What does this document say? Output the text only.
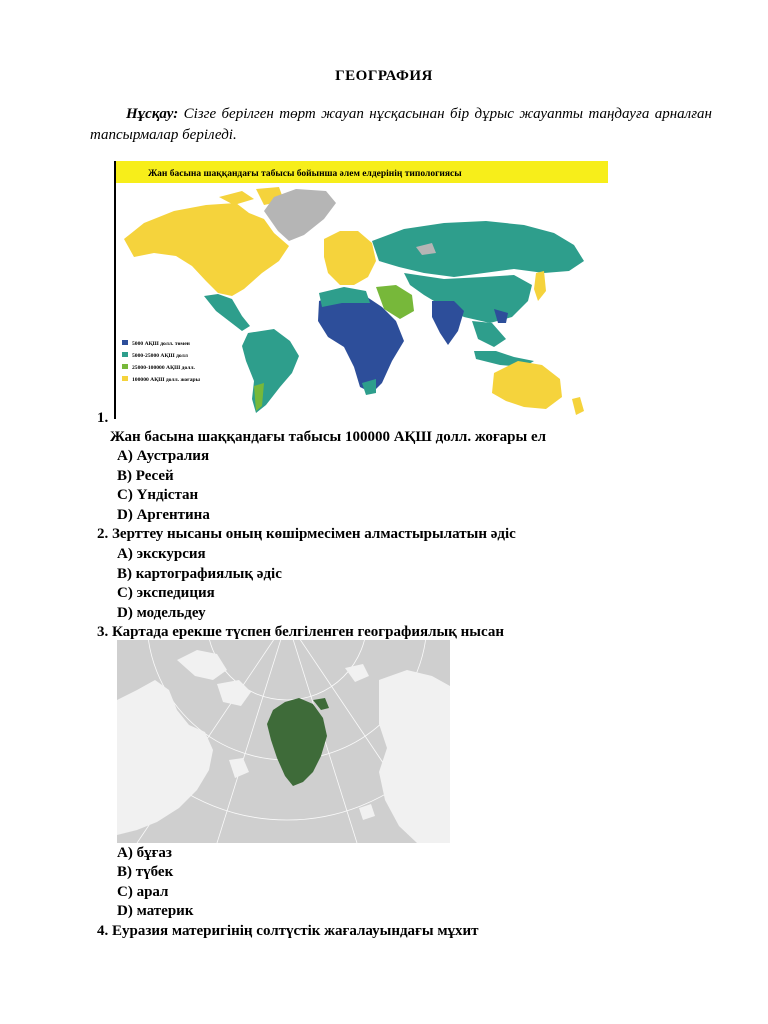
ГЕОГРАФИЯ
Нұсқау: Сізге берілген төрт жауап нұсқасынан бір дұрыс жауапты таңдауға арналған тапсырмалар беріледі.
Жан басына шаққандағы табысы бойынша әлем елдерінің типологиясы
5000 АҚШ долл. төмен
5000-25000 АҚШ долл
25000-100000 АҚШ долл.
100000 АҚШ долл. жоғары
1.
Жан басына шаққандағы табысы 100000 АҚШ долл. жоғары ел
A) Аустралия
B) Ресей
C) Үндістан
D) Аргентина
2. Зерттеу нысаны оның көшірмесімен алмастырылатын әдіс
A) экскурсия
B) картографиялық әдіс
C) экспедиция
D) модельдеу
3. Картада ерекше түспен белгіленген географиялық нысан
A) бұғаз
B) түбек
C) арал
D) материк
4. Еуразия материгінің солтүстік жағалауындағы мұхит
